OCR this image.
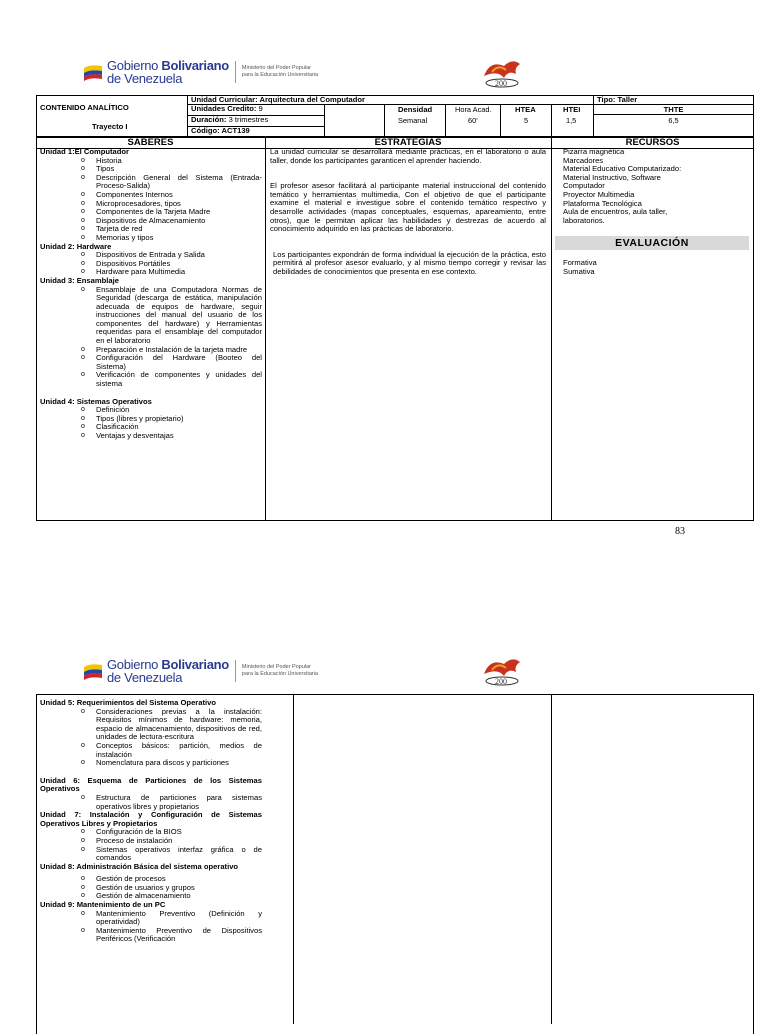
Gobierno Bolivariano
de Venezuela
Ministerio del Poder Popular
para la Educación Universitaria
200
CONTENIDO ANALÍTICO
Trayecto I
Unidad Curricular: Arquitectura del Computador
Unidades Credito: 9
Duración: 3 trimestres
Código: ACT139
Densidad
Semanal
Hora Acad.
60'
HTEA
5
HTEI
1,5
Tipo: Taller
THTE
6,5
SABERES	ESTRATEGIAS	RECURSOS
Unidad 1:El Computador
o Historia
o Tipos
o Descripción General del Sistema (Entrada-Proceso-Salida)
o Componentes Internos
o Microprocesadores, tipos
o Componentes de la Tarjeta Madre
o Dispositivos de Almacenamiento
o Tarjeta de red
o Memorias y tipos
Unidad 2: Hardware
o Dispositivos de Entrada y Salida
o Dispositivos Portátiles
o Hardware para Multimedia
Unidad 3: Ensamblaje
o Ensamblaje de una Computadora Normas de Seguridad (descarga de estática, manipulación adecuada de equipos de hardware, seguir instrucciones del manual del usuario de los componentes del hardware) y Herramientas requeridas para el ensamblaje del computador en el laboratorio
o Preparación e Instalación de la tarjeta madre
o Configuración del Hardware (Booteo del Sistema)
o Verificación de componentes y unidades del sistema
Unidad 4: Sistemas Operativos
o Definición
o Tipos (libres y propietario)
o Clasificación
o Ventajas y desventajas
La unidad curricular se desarrollará mediante prácticas, en el laboratorio o aula taller, donde los participantes garanticen el aprender haciendo.
El profesor asesor facilitará al participante material instruccional del contenido temático y herramientas multimedia, Con el objetivo de que el participante examine el material e investigue sobre el contenido temático respectivo y desarrolle actividades (mapas conceptuales, esquemas, apareamiento, entre otros), que le permitan aplicar las habilidades y destrezas de acuerdo al conocimiento adquirido en las prácticas de laboratorio.
Los participantes expondrán de forma individual la ejecución de la práctica, esto permitirá al profesor asesor evaluarlo, y al mismo tiempo corregir y revisar las debilidades de conocimientos que presenta en ese contexto.
Pizarra magnética
Marcadores
Material Educativo Computarizado:
Material Instructivo, Software
Computador
Proyector Multimedia
Plataforma Tecnológica
Aula de encuentros, aula taller,
laboratorios.
EVALUACIÓN
Formativa
Sumativa
83
Gobierno Bolivariano
de Venezuela
Ministerio del Poder Popular
para la Educación Universitaria
200
Unidad 5: Requerimientos del Sistema Operativo
o Consideraciones previas a la instalación: Requisitos mínimos de hardware: memoria, espacio de almacenamiento, dispositivos de red, unidades de lectura-escritura
o Conceptos básicos: partición, medios de instalación
o Nomenclatura para discos y particiones
Unidad 6: Esquema de Particiones de los Sistemas Operativos
o Estructura de particiones para sistemas operativos libres y propietarios
Unidad 7: Instalación y Configuración de Sistemas Operativos Libres y Propietarios
o Configuración de la BIOS
o Proceso de instalación
o Sistemas operativos interfaz gráfica o de comandos
Unidad 8: Administración Básica del sistema operativo
o Gestión de procesos
o Gestión de usuarios y grupos
o Gestión de almacenamiento
Unidad 9: Mantenimiento de un PC
o Mantenimiento Preventivo (Definición y operatividad)
o Mantenimiento Preventivo de Dispositivos Periféricos (Verificación
